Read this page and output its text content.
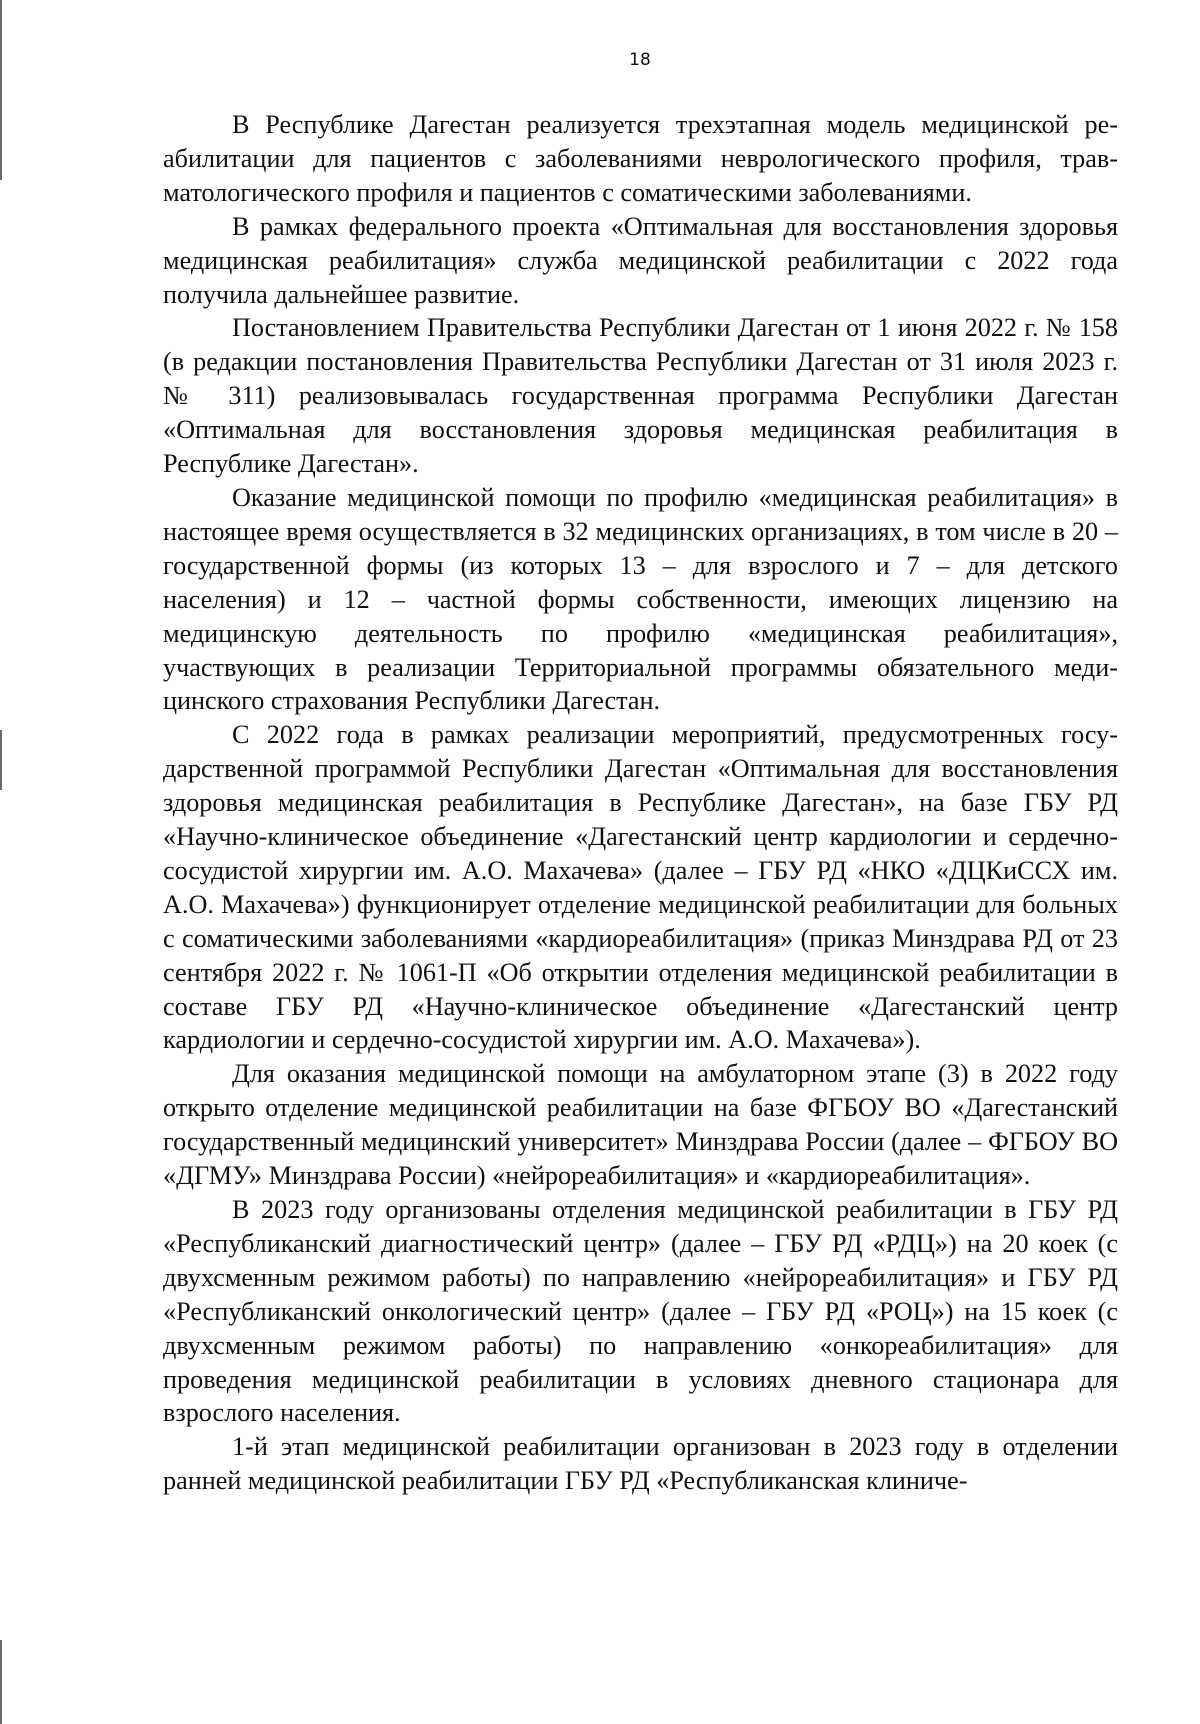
18

В Республике Дагестан реализуется трехэтапная модель медицинской реабилитации для пациентов с заболеваниями неврологического профиля, травматологического профиля и пациентов с соматическими заболеваниями.

В рамках федерального проекта «Оптимальная для восстановления здоровья медицинская реабилитация» служба медицинской реабилитации с 2022 года получила дальнейшее развитие.

Постановлением Правительства Республики Дагестан от 1 июня 2022 г. № 158 (в редакции постановления Правительства Республики Дагестан от 31 июля 2023 г. № 311) реализовывалась государственная программа Республики Дагестан «Оптимальная для восстановления здоровья медицинская реабилитация в Республике Дагестан».

Оказание медицинской помощи по профилю «медицинская реабилитация» в настоящее время осуществляется в 32 медицинских организациях, в том числе в 20 – государственной формы (из которых 13 – для взрослого и 7 – для детского населения) и 12 – частной формы собственности, имеющих лицензию на медицинскую деятельность по профилю «медицинская реабилитация», участвующих в реализации Территориальной программы обязательного медицинского страхования Республики Дагестан.

С 2022 года в рамках реализации мероприятий, предусмотренных государственной программой Республики Дагестан «Оптимальная для восстановления здоровья медицинская реабилитация в Республике Дагестан», на базе ГБУ РД «Научно-клиническое объединение «Дагестанский центр кардиологии и сердечно-сосудистой хирургии им. А.О. Махачева» (далее – ГБУ РД «НКО «ДЦКиССХ им. А.О. Махачева») функционирует отделение медицинской реабилитации для больных с соматическими заболеваниями «кардиореабилитация» (приказ Минздрава РД от 23 сентября 2022 г. № 1061-П «Об открытии отделения медицинской реабилитации в составе ГБУ РД «Научно-клиническое объединение «Дагестанский центр кардиологии и сердечно-сосудистой хирургии им. А.О. Махачева»).

Для оказания медицинской помощи на амбулаторном этапе (3) в 2022 году открыто отделение медицинской реабилитации на базе ФГБОУ ВО «Дагестанский государственный медицинский университет» Минздрава России (далее – ФГБОУ ВО «ДГМУ» Минздрава России) «нейрореабилитация» и «кардиореабилитация».

В 2023 году организованы отделения медицинской реабилитации в ГБУ РД «Республиканский диагностический центр» (далее – ГБУ РД «РДЦ») на 20 коек (с двухсменным режимом работы) по направлению «нейрореабилитация» и ГБУ РД «Республиканский онкологический центр» (далее – ГБУ РД «РОЦ») на 15 коек (с двухсменным режимом работы) по направлению «онкореабилитация» для проведения медицинской реабилитации в условиях дневного стационара для взрослого населения.

1-й этап медицинской реабилитации организован в 2023 году в отделении ранней медицинской реабилитации ГБУ РД «Республиканская клиниче-
